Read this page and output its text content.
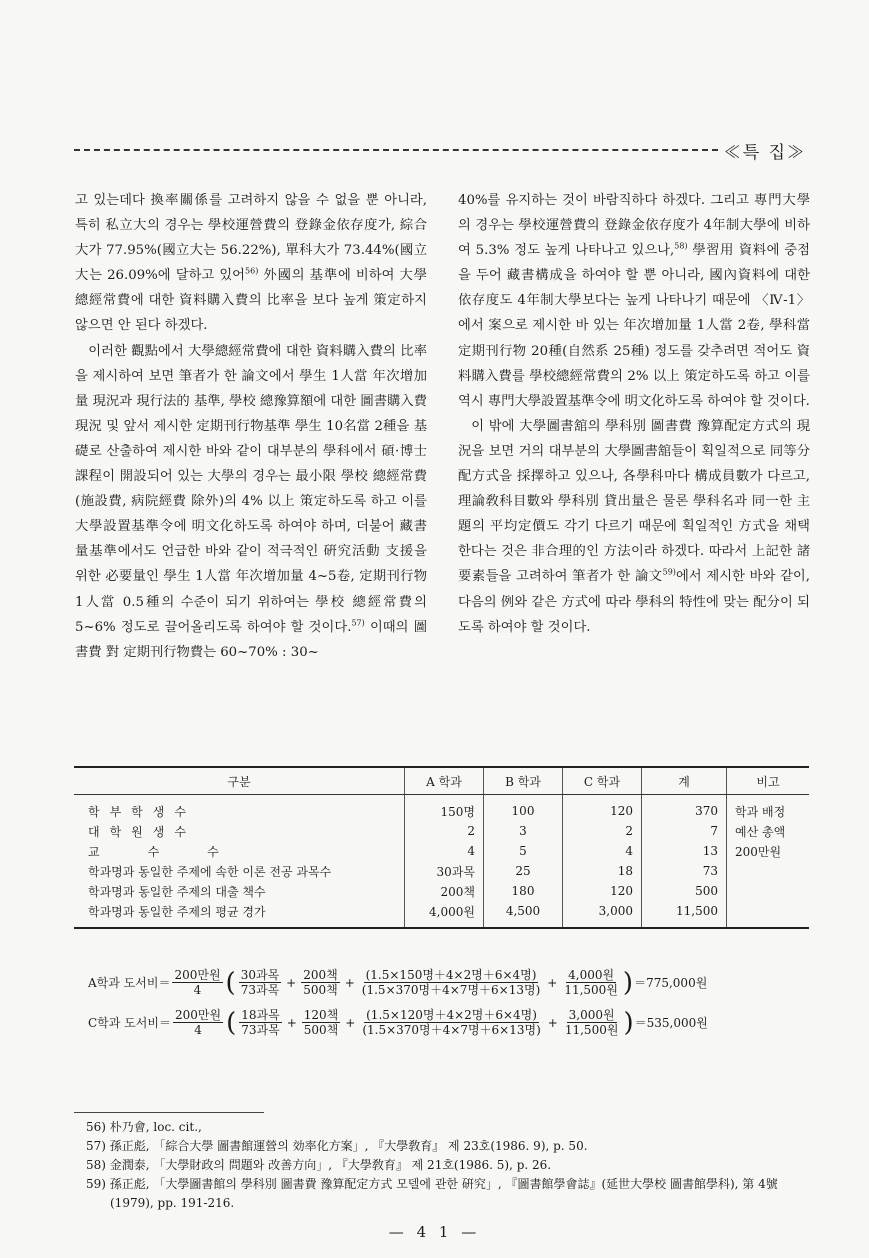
≪특 집≫

고 있는데다 換率關係를 고려하지 않을 수 없을 뿐 아니라, 특히 私立大의 경우는 學校運營費의 登錄金依存度가, 綜合大가 77.95%(國立大는 56.22%), 單科大가 73.44%(國立大는 26.09%에 달하고 있어$^{56)}$ 外國의 基準에 비하여 大學總經常費에 대한 資料購入費의 比率을 보다 높게 策定하지 않으면 안 된다 하겠다.

이러한 觀點에서 大學總經常費에 대한 資料購入費의 比率을 제시하여 보면 筆者가 한 論文에서 學生 1人當 年次增加量 現況과 現行法的 基準, 學校 總豫算額에 대한 圖書購入費 現況 및 앞서 제시한 定期刊行物基準 學生 10名當 2種을 基礎로 산출하여 제시한 바와 같이 대부분의 學科에서 碩·博士課程이 開設되어 있는 大學의 경우는 最小限 學校 總經常費(施設費, 病院經費 除外)의 4% 以上 策定하도록 하고 이를 大學設置基準令에 明文化하도록 하여야 하며, 더불어 藏書量基準에서도 언급한 바와 같이 적극적인 硏究活動 支援을 위한 必要量인 學生 1人當 年次增加量 4~5卷, 定期刊行物 1人當 0.5種의 수준이 되기 위하여는 學校 總經常費의 5~6% 정도로 끌어올리도록 하여야 할 것이다.$^{57)}$ 이때의 圖書費 對 定期刊行物費는 60~70% : 30~

40%를 유지하는 것이 바람직하다 하겠다. 그리고 專門大學의 경우는 學校運營費의 登錄金依存度가 4年制大學에 비하여 5.3% 정도 높게 나타나고 있으나,$^{58)}$ 學習用 資料에 중점을 두어 藏書構成을 하여야 할 뿐 아니라, 國內資料에 대한 依存度도 4年制大學보다는 높게 나타나기 때문에 〈Ⅳ-1〉에서 案으로 제시한 바 있는 年次增加量 1人當 2卷, 學科當 定期刊行物 20種(自然系 25種) 정도를 갖추려면 적어도 資料購入費를 學校總經常費의 2% 以上 策定하도록 하고 이를 역시 專門大學設置基準令에 明文化하도록 하여야 할 것이다.

이 밖에 大學圖書舘의 學科別 圖書費 豫算配定方式의 現況을 보면 거의 대부분의 大學圖書舘들이 획일적으로 同等分配方式을 採擇하고 있으나, 各學科마다 構成員數가 다르고, 理論敎科目數와 學科別 貸出量은 물론 學科名과 同一한 主題의 平均定價도 각기 다르기 때문에 획일적인 方式을 채택한다는 것은 非合理的인 方法이라 하겠다. 따라서 上記한 諸要素들을 고려하여 筆者가 한 論文$^{59)}$에서 제시한 바와 같이, 다음의 例와 같은 方式에 따라 學科의 特性에 맞는 配分이 되도록 하여야 할 것이다.

구분	A 학과	B 학과	C 학과	계	비고
학부학생수	150명	100	120	370	학과 배정
대학원생수	2	3	2	7	예산 총액
교수수	4	5	4	13	200만원
학과명과 동일한 주제에 속한 이론 전공 과목수	30과목	25	18	73	
학과명과 동일한 주제의 대출 책수	200책	180	120	500	
학과명과 동일한 주제의 평균 경가	4,000원	4,500	3,000	11,500	
A학과 도서비＝ $\frac{\text{200만원}}{4}$ ( $\frac{\text{30과목}}{\text{73과목}} + \frac{\text{200책}}{\text{500책}} + \frac{\text{(1.5×150명＋4×2명＋6×4명)}}{\text{(1.5×370명＋4×7명＋6×13명)}} + \frac{\text{4,000원}}{\text{11,500원}}$ ) ＝775,000원
C학과 도서비＝ $\frac{\text{200만원}}{4}$ ( $\frac{\text{18과목}}{\text{73과목}} + \frac{\text{120책}}{\text{500책}} + \frac{\text{(1.5×120명＋4×2명＋6×4명)}}{\text{(1.5×370명＋4×7명＋6×13명)}} + \frac{\text{3,000원}}{\text{11,500원}}$ ) ＝535,000원

56) 朴乃會, loc. cit.,

57) 孫正彪, 「綜合大學 圖書館運營의 効率化方案」, 『大學敎育』 제 23호(1986. 9), p. 50.

58) 金潤泰, 「大學財政의 問題와 改善方向」, 『大學敎育』 제 21호(1986. 5), p. 26.

59) 孫正彪, 「大學圖書館의 學科別 圖書費 豫算配定方式 모델에 관한 硏究」, 『圖書館學會誌』(延世大學校 圖書館學科), 第 4號(1979), pp. 191-216.

— 4 1 —
